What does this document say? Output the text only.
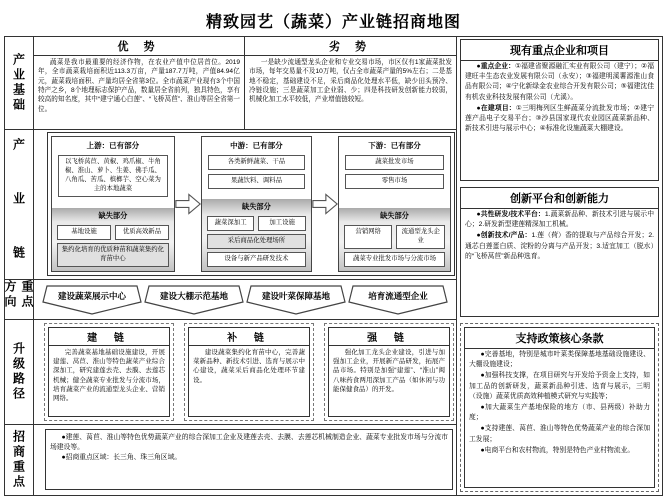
精致园艺（蔬菜）产业链招商地图
产业基础
优 势
蔬菜是我市最重要的经济作物，在农业产值中位居首位。2019年，全市蔬菜栽培面积近113.3万亩，产量187.7万吨，产值84.94亿元，蔬菜栽培面积、产量均居全省第3位。全市蔬菜产业现有3个中国特产之乡，8个地理标志保护产品，数量居全省前列，独具特色，享有较高的知名度，其中“建宁通心白莲”、“飞桥莴苣”、淮山等居全省第一位。
劣 势
一是缺少流通型龙头企业和专业交易市场，市区仅有1家蔬菜批发市场，每年交易量不及10万吨，仅占全市蔬菜产量的5%左右；二是基地不稳定，基础建设不足，采后商品化处理水平低，缺少田头预冷、冷链设施；三是蔬菜加工企业弱、少；四是科技研发创新能力较弱，机械化加工水平较低，产业增值链较短。
产 业 链	上游：已有部分
以飞桥莴苣、黄椒、鸡爪椒、牛角椒、淮山、萝卜、生姜、佛手瓜、八角瓜、苦瓜、槟榔芋、空心菜为主的本地蔬菜
缺失部分
基地设施	优质高效新品
集约化培育的优质种苗和蔬菜集约化育苗中心
中游：已有部分
各类新鲜蔬菜、干品
果蔬饮料、调料品
缺失部分
蔬菜深加工	加工设施
采后商品化处理场所
设备与新产品研发技术
下游：已有部分
蔬菜批发市场
零售市场
缺失部分
营销网络	流通型龙头企业
蔬菜专业批发市场与分流市场
重点方向	建设蔬菜展示中心	建设大棚示范基地	建设叶菜保障基地	培育流通型企业
升级路径
建 链
完善蔬菜基地基础设施建设，开展建莲、莴苣、淮山等特色蔬菜产业综合深加工，研究建莲去壳、去膜、去莲芯机械；健全蔬菜专业批发与分流市场，培育蔬菜产业的流通型龙头企业、营销网络。
补 链
建设蔬菜集约化育苗中心，完善蔬菜新品种、新技术引进、选育与展示中心建设，蔬菜采后商品化处理环节建设。
强 链
强化加工龙头企业建设，引进与加强加工企业，开展新产品研发，拓展产品市场。特别是加强“建莲”、“淮山”闽八味药食两用深加工产品（如休闲与功能保健食品）的开发。
招商重点	●建莲、莴苣、淮山等特色优势蔬菜产业的综合深加工企业及建莲去壳、去膜、去莲芯机械制造企业、蔬菜专业批发市场与分流市场建设等。
●招商重点区域：长三角、珠三角区域。
现有重点企业和项目
●重点企业：①福建省聚源融汇实业有限公司（建宁）；②福建旺丰生态农业发展有限公司（永安）；③福建明溪薯源淮山食品有限公司；④宁化新绿金农业综合开发有限公司；⑤福建沈佳有机农业科技发展有限公司（尤溪）。
●在建项目：①三明梅列区生鲜蔬菜分流批发市场；②建宁莲产品电子交易平台；③沙县国家现代农业园区蔬菜新品种、新技术引进与展示中心；④标准化设施蔬菜大棚建设。
创新平台和创新能力
●共性研发/技术平台：1.蔬菜新品种、新技术引进与展示中心；2.研发新型建莲精深加工机械。
●创新技术/产品：1.莲（荷）香的提取与产品综合开发；2.通芯白莲蛋白质、淀粉的分离与产品开发；3.适宜加工（脱水）的“飞桥莴苣”新品种选育。
支持政策核心条款
●完善基地，特别是城市叶菜类保障基地基础设施建设、大棚设施建设；
●加强科技支撑，在项目研究与开发给予资金上支持，如加工品的创新研发，蔬菜新品种引进、选育与展示，三明（设施）蔬菜优质高效种植模式研究与实践等；
●加大蔬菜生产基地保险的地方（市、县两级）补助力度；
●支持建莲、莴苣、淮山等特色优势蔬菜产业的综合深加工发展；
●电商平台和农村物流，特别是特色产业村物流业。
